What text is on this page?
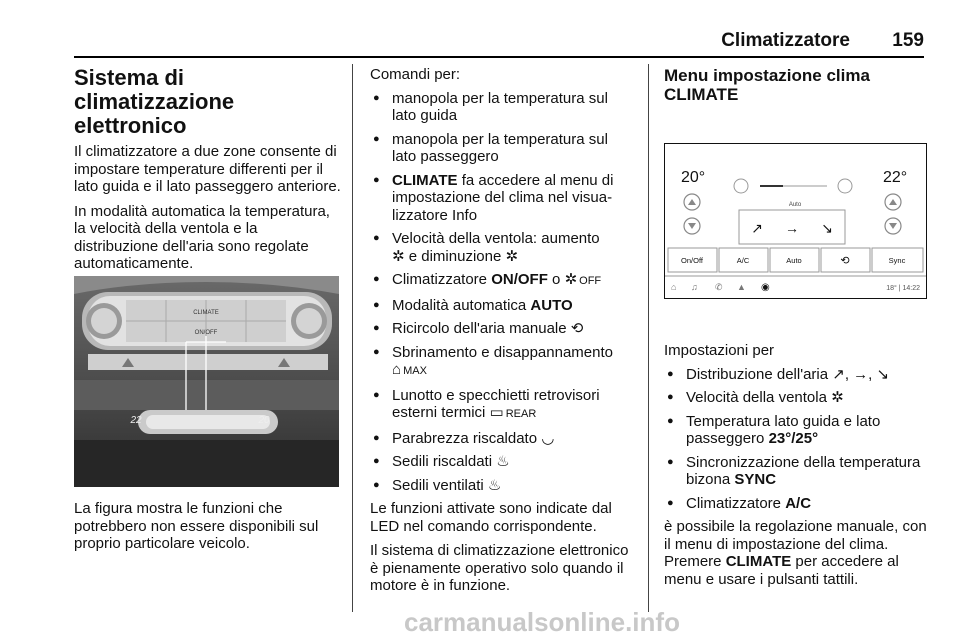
Climatizzatore 159
Sistema di climatizzazione elettronico

Il climatizzatore a due zone consente di impostare temperature differenti per il lato guida e il lato passeggero anteriore.

In modalità automatica la temperatura, la velocità della ventola e la distribuzione dell'aria sono regolate automaticamente.

CLIMATE
ON/OFF
22	20

La figura mostra le funzioni che potrebbero non essere disponibili sul proprio particolare veicolo.

Comandi per:

● manopola per la temperatura sul lato guida
● manopola per la temperatura sul lato passeggero
● CLIMATE fa accedere al menu di impostazione del clima nel visualizzatore Info
● Velocità della ventola: aumento
✲ e diminuzione ✲
● Climatizzatore ON/OFF o ✲ OFF
● Modalità automatica AUTO
● Ricircolo dell'aria manuale ⟲
● Sbrinamento e disappannamento ⌂ MAX
● Lunotto e specchietti retrovisori esterni termici ▭ REAR
● Parabrezza riscaldato ◡
● Sedili riscaldati ♨
● Sedili ventilati ♨

Le funzioni attivate sono indicate dal LED nel comando corrispondente.

Il sistema di climatizzazione elettronico è pienamente operativo solo quando il motore è in funzione.

Menu impostazione clima CLIMATE
20°	22°
Auto
↗ → ↘
On/Off	A/C	Auto	⟲	Sync
⌂ ♫ ✆ ▲ ◉	18° | 14:22

Impostazioni per

● Distribuzione dell'aria ↗, →, ↘
● Velocità della ventola ✲
● Temperatura lato guida e lato passeggero 23°/25°
● Sincronizzazione della temperatura bizona SYNC
● Climatizzatore A/C

è possibile la regolazione manuale, con il menu di impostazione del clima. Premere CLIMATE per accedere al menu e usare i pulsanti tattili.

carmanualsonline.info
